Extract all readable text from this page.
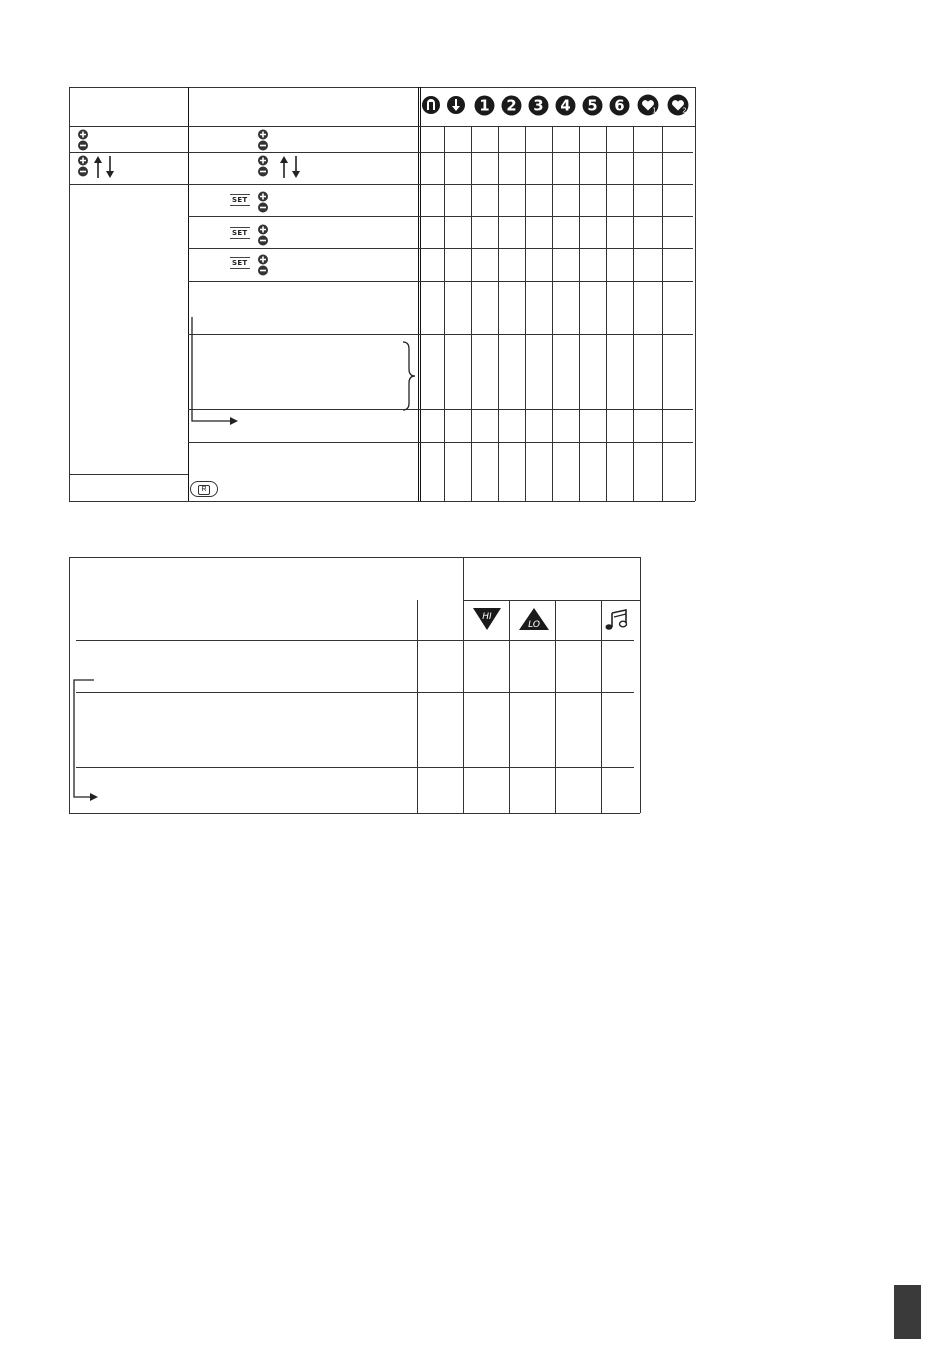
1 2 3 4 5 6	1	2
SET
SET
SET
R
HI
LO
